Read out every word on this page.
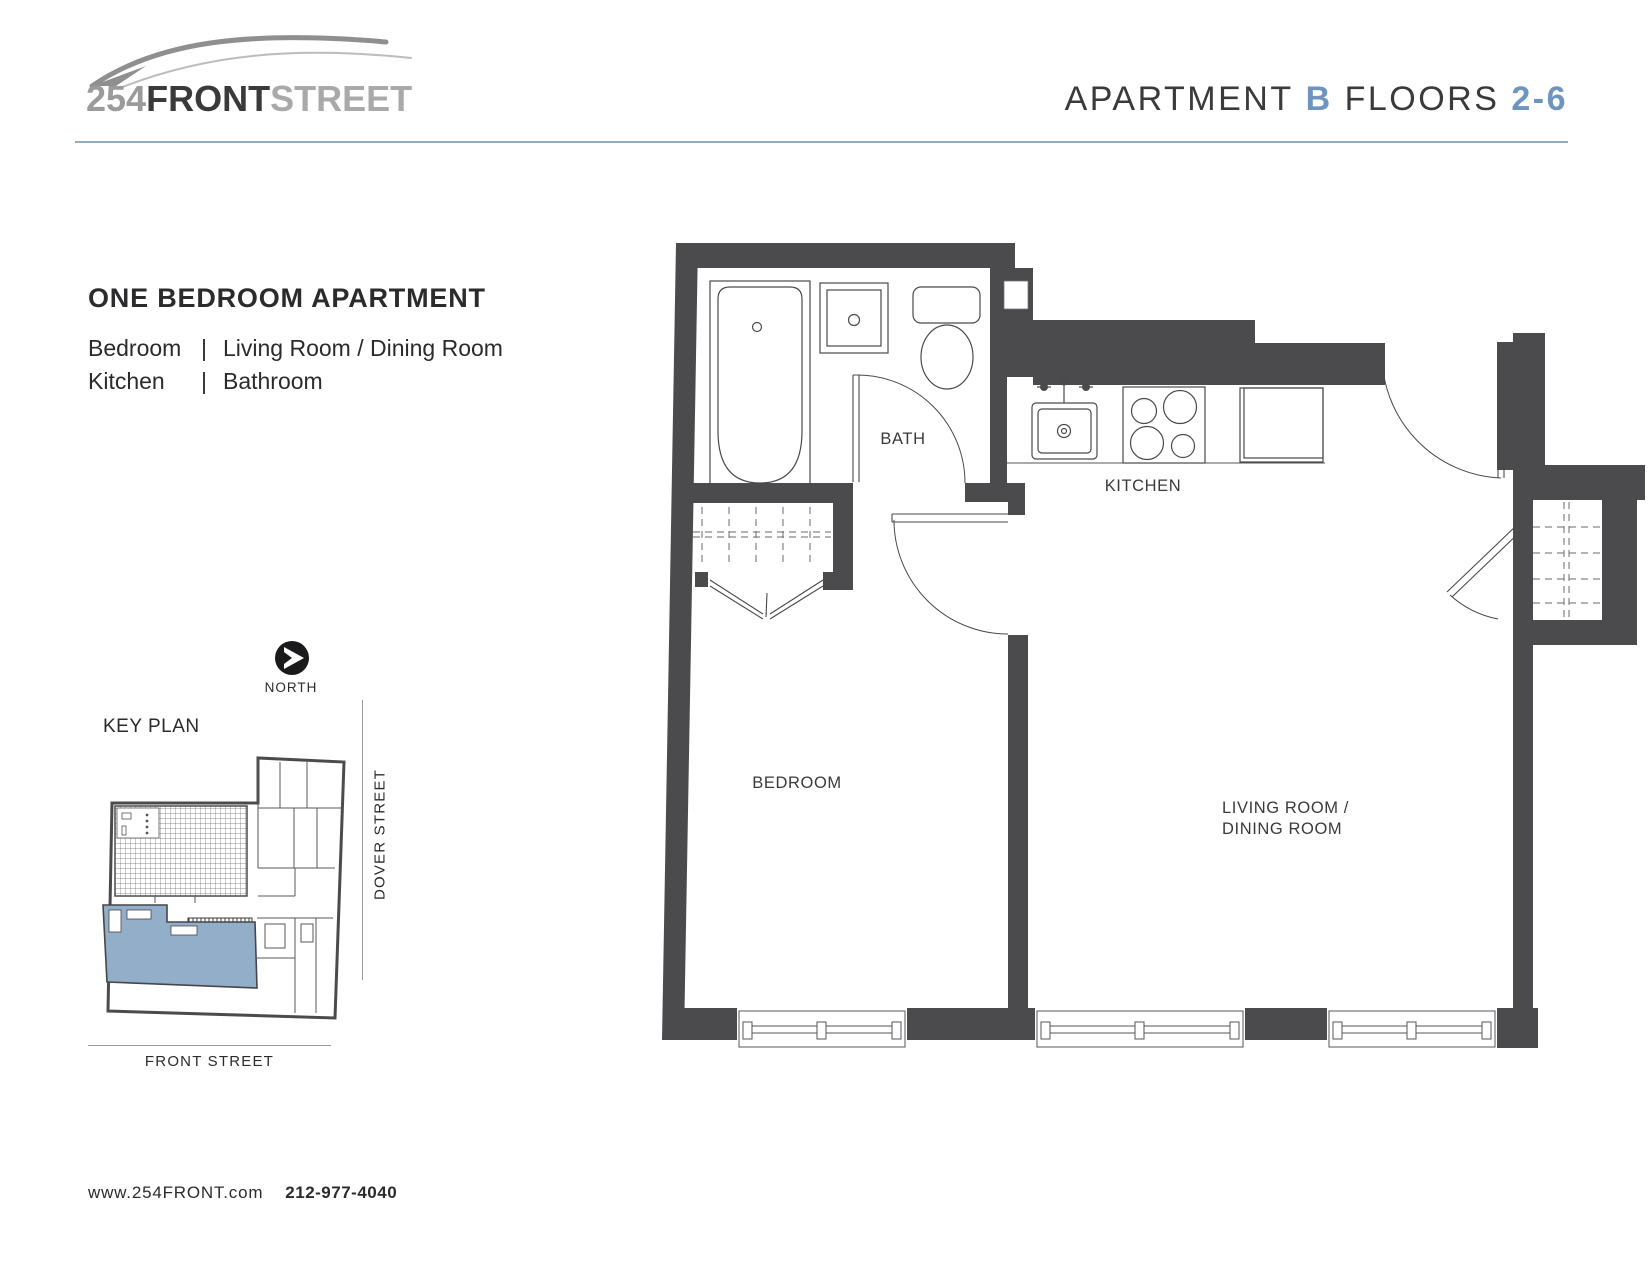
254FRONTSTREET	APARTMENT B FLOORS 2-6
ONE BEDROOM APARTMENT
Bedroom | Living Room / Dining Room
Kitchen | Bathroom
NORTH
KEY PLAN
DOVER STREET
FRONT STREET
BATH
KITCHEN
BEDROOM
LIVING ROOM /
DINING ROOM
www.254FRONT.com 212-977-4040
